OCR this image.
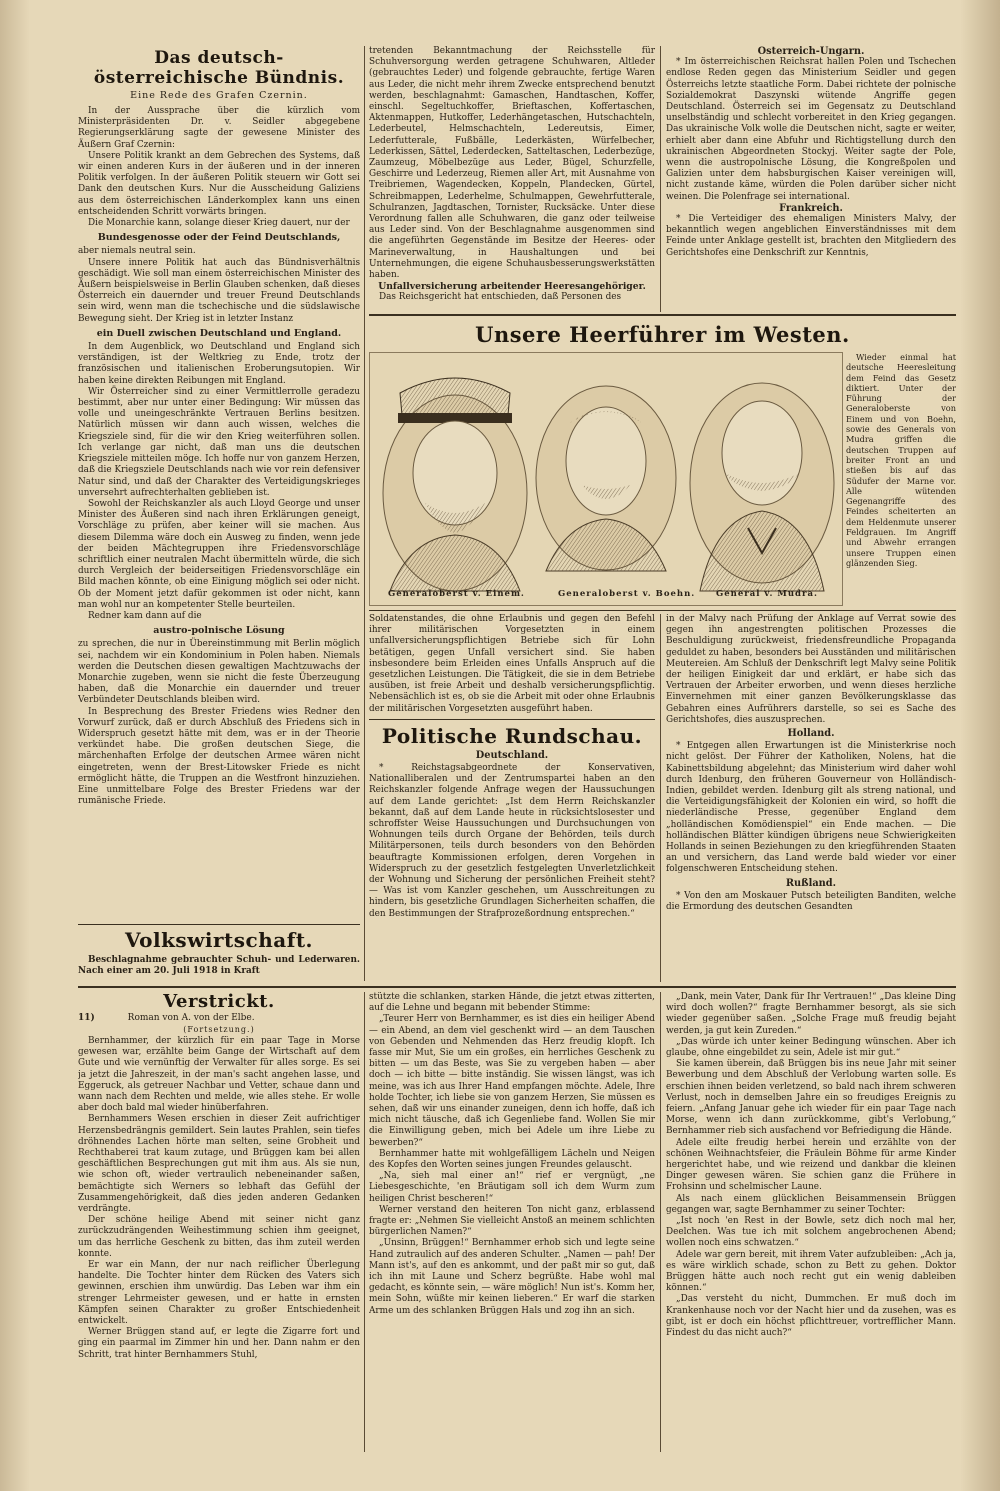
Das deutsch-österreichische Bündnis.
Eine Rede des Grafen Czernin.

In der Aussprache über die kürzlich vom Ministerpräsidenten Dr. v. Seidler abgegebene Regierungserklärung sagte der gewesene Minister des Äußern Graf Czernin:

Unsere Politik krankt an dem Gebrechen des Systems, daß wir einen anderen Kurs in der äußeren und in der inneren Politik verfolgen. In der äußeren Politik steuern wir Gott sei Dank den deutschen Kurs. Nur die Ausscheidung Galiziens aus dem österreichischen Länderkomplex kann uns einen entscheidenden Schritt vorwärts bringen.

Die Monarchie kann, solange dieser Krieg dauert, nur der

Bundesgenosse oder der Feind Deutschlands,

aber niemals neutral sein.

Unsere innere Politik hat auch das Bündnisverhältnis geschädigt. Wie soll man einem österreichischen Minister des Äußern beispielsweise in Berlin Glauben schenken, daß dieses Österreich ein dauernder und treuer Freund Deutschlands sein wird, wenn man die tschechische und die südslawische Bewegung sieht. Der Krieg ist in letzter Instanz

ein Duell zwischen Deutschland und England.

In dem Augenblick, wo Deutschland und England sich verständigen, ist der Weltkrieg zu Ende, trotz der französischen und italienischen Eroberungsutopien. Wir haben keine direkten Reibungen mit England.

Wir Österreicher sind zu einer Vermittlerrolle geradezu bestimmt, aber nur unter einer Bedingung: Wir müssen das volle und uneingeschränkte Vertrauen Berlins besitzen. Natürlich müssen wir dann auch wissen, welches die Kriegsziele sind, für die wir den Krieg weiterführen sollen. Ich verlange gar nicht, daß man uns die deutschen Kriegsziele mitteilen möge. Ich hoffe nur von ganzem Herzen, daß die Kriegsziele Deutschlands nach wie vor rein defensiver Natur sind, und daß der Charakter des Verteidigungskrieges unversehrt aufrechterhalten geblieben ist.

Sowohl der Reichskanzler als auch Lloyd George und unser Minister des Äußeren sind nach ihren Erklärungen geneigt, Vorschläge zu prüfen, aber keiner will sie machen. Aus diesem Dilemma wäre doch ein Ausweg zu finden, wenn jede der beiden Mächtegruppen ihre Friedensvorschläge schriftlich einer neutralen Macht übermitteln würde, die sich durch Vergleich der beiderseitigen Friedensvorschläge ein Bild machen könnte, ob eine Einigung möglich sei oder nicht. Ob der Moment jetzt dafür gekommen ist oder nicht, kann man wohl nur an kompetenter Stelle beurteilen.

Redner kam dann auf die

austro-polnische Lösung

zu sprechen, die nur in Übereinstimmung mit Berlin möglich sei, nachdem wir ein Kondominium in Polen haben. Niemals werden die Deutschen diesen gewaltigen Machtzuwachs der Monarchie zugeben, wenn sie nicht die feste Überzeugung haben, daß die Monarchie ein dauernder und treuer Verbündeter Deutschlands bleiben wird.

In Besprechung des Brester Friedens wies Redner den Vorwurf zurück, daß er durch Abschluß des Friedens sich in Widerspruch gesetzt hätte mit dem, was er in der Theorie verkündet habe. Die großen deutschen Siege, die märchenhaften Erfolge der deutschen Armee wären nicht eingetreten, wenn der Brest-Litowsker Friede es nicht ermöglicht hätte, die Truppen an die Westfront hinzuziehen. Eine unmittelbare Folge des Brester Friedens war der rumänische Friede.

Volkswirtschaft.

Beschlagnahme gebrauchter Schuh- und Lederwaren. Nach einer am 20. Juli 1918 in Kraft

tretenden Bekanntmachung der Reichsstelle für Schuhversorgung werden getragene Schuhwaren, Altleder (gebrauchtes Leder) und folgende gebrauchte, fertige Waren aus Leder, die nicht mehr ihrem Zwecke entsprechend benutzt werden, beschlagnahmt: Gamaschen, Handtaschen, Koffer, einschl. Segeltuchkoffer, Brieftaschen, Koffertaschen, Aktenmappen, Hutkoffer, Lederhängetaschen, Hutschachteln, Lederbeutel, Helmschachteln, Ledereutsis, Eimer, Lederfutterale, Fußbälle, Lederkästen, Würfelbecher, Lederkissen, Sättel, Lederdecken, Satteltaschen, Lederbezüge, Zaumzeug, Möbelbezüge aus Leder, Bügel, Schurzfelle, Geschirre und Lederzeug, Riemen aller Art, mit Ausnahme von Treibriemen, Wagendecken, Koppeln, Plandecken, Gürtel, Schreibmappen, Lederhelme, Schulmappen, Gewehrfutterale, Schulranzen, Jagdtaschen, Tornister, Rucksäcke. Unter diese Verordnung fallen alle Schuhwaren, die ganz oder teilweise aus Leder sind. Von der Beschlagnahme ausgenommen sind die angeführten Gegenstände im Besitze der Heeres- oder Marineverwaltung, in Haushaltungen und bei Unternehmungen, die eigene Schuhausbesserungswerkstätten haben.

Unfallversicherung arbeitender Heeresangehöriger.

Das Reichsgericht hat entschieden, daß Personen des

Österreich-Ungarn.

* Im österreichischen Reichsrat hallen Polen und Tschechen endlose Reden gegen das Ministerium Seidler und gegen Österreichs letzte staatliche Form. Dabei richtete der polnische Sozialdemokrat Daszynski wütende Angriffe gegen Deutschland. Österreich sei im Gegensatz zu Deutschland unselbständig und schlecht vorbereitet in den Krieg gegangen. Das ukrainische Volk wolle die Deutschen nicht, sagte er weiter, erhielt aber dann eine Abfuhr und Richtigstellung durch den ukrainischen Abgeordneten Stockyj. Weiter sagte der Pole, wenn die austropolnische Lösung, die Kongreßpolen und Galizien unter dem habsburgischen Kaiser vereinigen will, nicht zustande käme, würden die Polen darüber sicher nicht weinen. Die Polenfrage sei international.

Frankreich.

* Die Verteidiger des ehemaligen Ministers Malvy, der bekanntlich wegen angeblichen Einverständnisses mit dem Feinde unter Anklage gestellt ist, brachten den Mitgliedern des Gerichtshofes eine Denkschrift zur Kenntnis,

Unsere Heerführer im Westen.
Generaloberst v. Einem.	Generaloberst v. Boehn. General v. Mudra.

Wieder einmal hat deutsche Heeresleitung dem Feind das Gesetz diktiert. Unter der Führung der Generaloberste von Einem und von Boehn, sowie des Generals von Mudra griffen die deutschen Truppen auf breiter Front an und stießen bis auf das Südufer der Marne vor. Alle wütenden Gegenangriffe des Feindes scheiterten an dem Heldenmute unserer Feldgrauen. Im Angriff und Abwehr errangen unsere Truppen einen glänzenden Sieg.

Soldatenstandes, die ohne Erlaubnis und gegen den Befehl ihrer militärischen Vorgesetzten in einem unfallversicherungspflichtigen Betriebe sich für Lohn betätigen, gegen Unfall versichert sind. Sie haben insbesondere beim Erleiden eines Unfalls Anspruch auf die gesetzlichen Leistungen. Die Tätigkeit, die sie in dem Betriebe ausüben, ist freie Arbeit und deshalb versicherungspflichtig. Nebensächlich ist es, ob sie die Arbeit mit oder ohne Erlaubnis der militärischen Vorgesetzten ausgeführt haben.

Politische Rundschau.

Deutschland.

* Reichstagsabgeordnete der Konservativen, Nationalliberalen und der Zentrumspartei haben an den Reichskanzler folgende Anfrage wegen der Haussuchungen auf dem Lande gerichtet: „Ist dem Herrn Reichskanzler bekannt, daß auf dem Lande heute in rücksichtslosester und schroffster Weise Haussuchungen und Durchsuchungen von Wohnungen teils durch Organe der Behörden, teils durch Militärpersonen, teils durch besonders von den Behörden beauftragte Kommissionen erfolgen, deren Vorgehen in Widerspruch zu der gesetzlich festgelegten Unverletzlichkeit der Wohnung und Sicherung der persönlichen Freiheit steht? — Was ist vom Kanzler geschehen, um Ausschreitungen zu hindern, bis gesetzliche Grundlagen Sicherheiten schaffen, die den Bestimmungen der Strafprozeßordnung entsprechen.“

in der Malvy nach Prüfung der Anklage auf Verrat sowie des gegen ihn angestrengten politischen Prozesses die Beschuldigung zurückweist, friedensfreundliche Propaganda geduldet zu haben, besonders bei Ausständen und militärischen Meutereien. Am Schluß der Denkschrift legt Malvy seine Politik der heiligen Einigkeit dar und erklärt, er habe sich das Vertrauen der Arbeiter erworben, und wenn dieses herzliche Einvernehmen mit einer ganzen Bevölkerungsklasse das Gebahren eines Aufrührers darstelle, so sei es Sache des Gerichtshofes, dies auszusprechen.

Holland.

* Entgegen allen Erwartungen ist die Ministerkrise noch nicht gelöst. Der Führer der Katholiken, Nolens, hat die Kabinettsbildung abgelehnt; das Ministerium wird daher wohl durch Idenburg, den früheren Gouverneur von Holländisch-Indien, gebildet werden. Idenburg gilt als streng national, und die Verteidigungsfähigkeit der Kolonien ein wird, so hofft die niederländische Presse, gegenüber England dem „holländischen Komödienspiel“ ein Ende machen. — Die holländischen Blätter kündigen übrigens neue Schwierigkeiten Hollands in seinen Beziehungen zu den kriegführenden Staaten an und versichern, das Land werde bald wieder vor einer folgenschweren Entscheidung stehen.

Rußland.

* Von den am Moskauer Putsch beteiligten Banditen, welche die Ermordung des deutschen Gesandten

Verstrickt.
11)	Roman von A. von der Elbe.
(Fortsetzung.)

Bernhammer, der kürzlich für ein paar Tage in Morse gewesen war, erzählte beim Gange der Wirtschaft auf dem Gute und wie vernünftig der Verwalter für alles sorge. Es sei ja jetzt die Jahreszeit, in der man's sacht angehen lasse, und Eggeruck, als getreuer Nachbar und Vetter, schaue dann und wann nach dem Rechten und melde, wie alles stehe. Er wolle aber doch bald mal wieder hinüberfahren.

Bernhammers Wesen erschien in dieser Zeit aufrichtiger Herzensbedrängnis gemildert. Sein lautes Prahlen, sein tiefes dröhnendes Lachen hörte man selten, seine Grobheit und Rechthaberei trat kaum zutage, und Brüggen kam bei allen geschäftlichen Besprechungen gut mit ihm aus. Als sie nun, wie schon oft, wieder vertraulich nebeneinander saßen, bemächtigte sich Werners so lebhaft das Gefühl der Zusammengehörigkeit, daß dies jeden anderen Gedanken verdrängte.

Der schöne heilige Abend mit seiner nicht ganz zurückzudrängenden Weihestimmung schien ihm geeignet, um das herrliche Geschenk zu bitten, das ihm zuteil werden konnte.

Er war ein Mann, der nur nach reiflicher Überlegung handelte. Die Tochter hinter dem Rücken des Vaters sich gewinnen, erschien ihm unwürdig. Das Leben war ihm ein strenger Lehrmeister gewesen, und er hatte in ernsten Kämpfen seinen Charakter zu großer Entschiedenheit entwickelt.

Werner Brüggen stand auf, er legte die Zigarre fort und ging ein paarmal im Zimmer hin und her. Dann nahm er den Schritt, trat hinter Bernhammers Stuhl,

stützte die schlanken, starken Hände, die jetzt etwas zitterten, auf die Lehne und begann mit bebender Stimme:

„Teurer Herr von Bernhammer, es ist dies ein heiliger Abend — ein Abend, an dem viel geschenkt wird — an dem Tauschen von Gebenden und Nehmenden das Herz freudig klopft. Ich fasse mir Mut, Sie um ein großes, ein herrliches Geschenk zu bitten — um das Beste, was Sie zu vergeben haben — aber doch — ich bitte — bitte inständig. Sie wissen längst, was ich meine, was ich aus Ihrer Hand empfangen möchte. Adele, Ihre holde Tochter, ich liebe sie von ganzem Herzen, Sie müssen es sehen, daß wir uns einander zuneigen, denn ich hoffe, daß ich mich nicht täusche, daß ich Gegenliebe fand. Wollen Sie mir die Einwilligung geben, mich bei Adele um ihre Liebe zu bewerben?“

Bernhammer hatte mit wohlgefälligem Lächeln und Neigen des Kopfes den Worten seines jungen Freundes gelauscht.

„Na, sieh mal einer an!“ rief er vergnügt, „ne Liebesgeschichte, 'en Bräutigam soll ich dem Wurm zum heiligen Christ bescheren!“

Werner verstand den heiteren Ton nicht ganz, erblassend fragte er: „Nehmen Sie vielleicht Anstoß an meinem schlichten bürgerlichen Namen?“

„Unsinn, Brüggen!“ Bernhammer erhob sich und legte seine Hand zutraulich auf des anderen Schulter. „Namen — pah! Der Mann ist's, auf den es ankommt, und der paßt mir so gut, daß ich ihn mit Laune und Scherz begrüßte. Habe wohl mal gedacht, es könnte sein, — wäre möglich! Nun ist's. Komm her, mein Sohn, wüßte mir keinen lieberen.“ Er warf die starken Arme um des schlanken Brüggen Hals und zog ihn an sich.

„Dank, mein Vater, Dank für Ihr Vertrauen!“ „Das kleine Ding wird doch wollen?“ fragte Bernhammer besorgt, als sie sich wieder gegenüber saßen. „Solche Frage muß freudig bejaht werden, ja gut kein Zureden.“

„Das würde ich unter keiner Bedingung wünschen. Aber ich glaube, ohne eingebildet zu sein, Adele ist mir gut.“

Sie kamen überein, daß Brüggen bis ins neue Jahr mit seiner Bewerbung und dem Abschluß der Verlobung warten solle. Es erschien ihnen beiden verletzend, so bald nach ihrem schweren Verlust, noch in demselben Jahre ein so freudiges Ereignis zu feiern. „Anfang Januar gehe ich wieder für ein paar Tage nach Morse, wenn ich dann zurückkomme, gibt's Verlobung,“ Bernhammer rieb sich ausfachend vor Befriedigung die Hände.

Adele eilte freudig herbei herein und erzählte von der schönen Weihnachtsfeier, die Fräulein Böhme für arme Kinder hergerichtet habe, und wie reizend und dankbar die kleinen Dinger gewesen wären. Sie schien ganz die Frühere in Frohsinn und schelmischer Laune.

Als nach einem glücklichen Beisammensein Brüggen gegangen war, sagte Bernhammer zu seiner Tochter:

„Ist noch 'en Rest in der Bowle, setz dich noch mal her, Deelchen. Was tue ich mit solchem angebrochenen Abend; wollen noch eins schwatzen.“

Adele war gern bereit, mit ihrem Vater aufzubleiben: „Ach ja, es wäre wirklich schade, schon zu Bett zu gehen. Doktor Brüggen hätte auch noch recht gut ein wenig dableiben können.“

„Das versteht du nicht, Dummchen. Er muß doch im Krankenhause noch vor der Nacht hier und da zusehen, was es gibt, ist er doch ein höchst pflichttreuer, vortrefflicher Mann. Findest du das nicht auch?“
